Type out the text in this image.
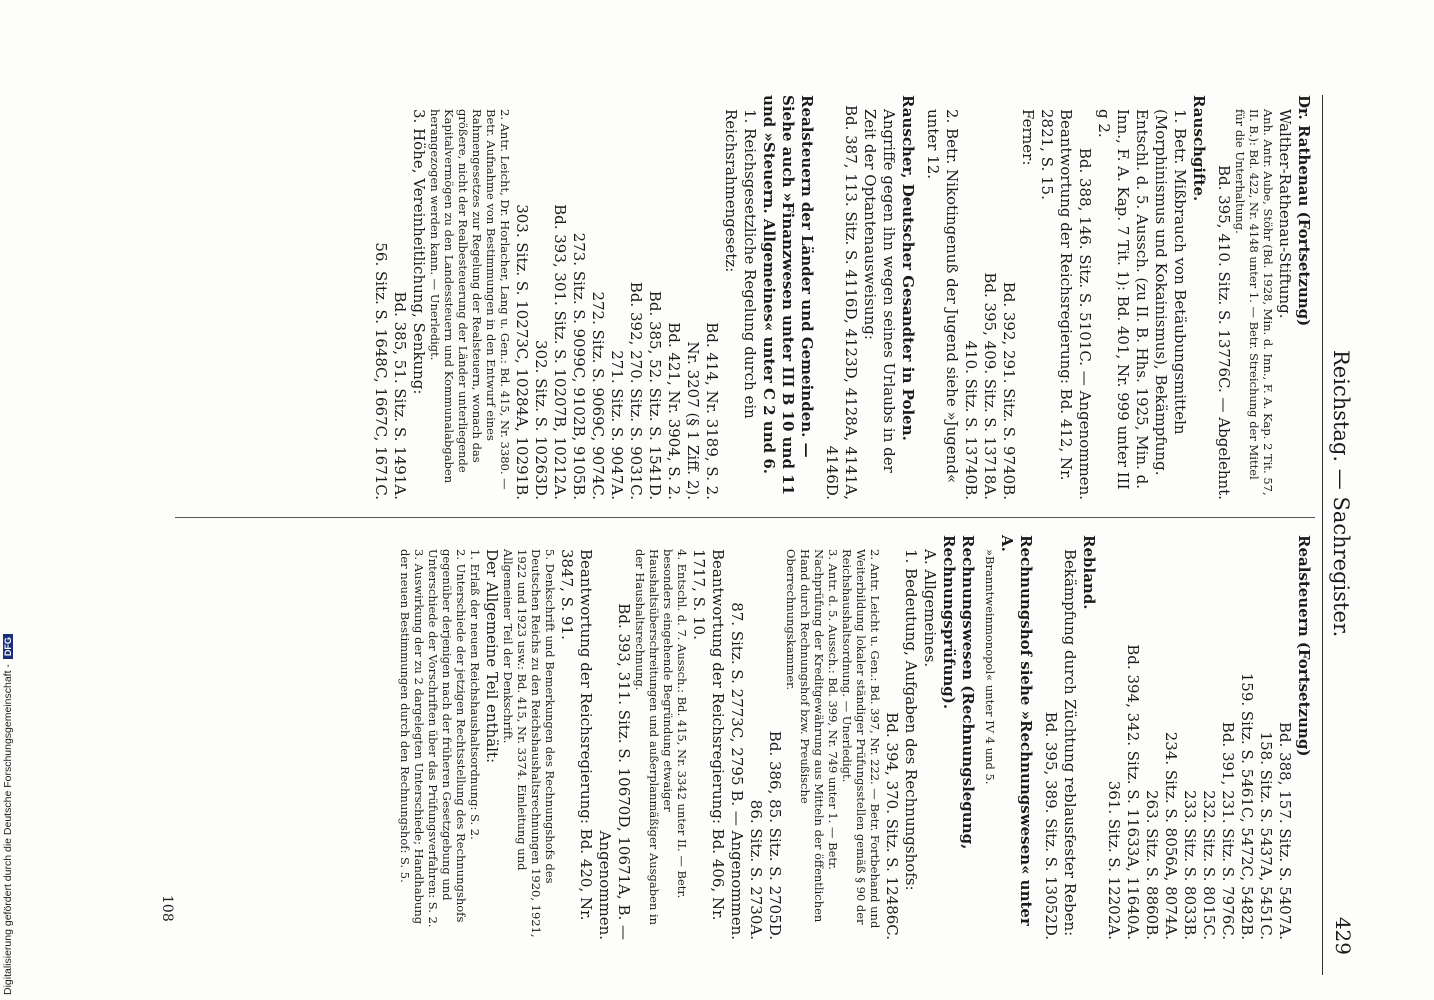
Reichstag. — Sachregister.
429
Dr. Rathenau (Fortsetzung)
Walther-Rathenau-Stiftung.
Anh. Antr. Aube, Stöhr (Bd. 1928, Min. d. Inn., F. A. Kap. 2 Tit. 57, II. B.): Bd. 422, Nr. 4148 unter 1. — Betr. Streichung der Mittel für die Unterhaltung.
Bd. 395, 410. Sitz. S. 13776C. — Abgelehnt.
Rauschgifte.
1. Betr. Mißbrauch von Betäubungsmitteln (Morphinismus und Kokainismus), Bekämpfung.
Entschl. d. 5. Aussch. (zu II. B. Hhs. 1925, Min. d. Inn., F. A. Kap. 7 Tit. 1): Bd. 401, Nr. 999 unter III g 2.
Bd. 388, 146. Sitz. S. 5101C. — Angenommen.
Beantwortung der Reichsregierung: Bd. 412, Nr. 2821, S. 15.
Ferner:
Bd. 392, 291. Sitz. S. 9740B.
Bd. 395, 409. Sitz. S. 13718A.
410. Sitz. S. 13740B.
2. Betr. Nikotingenuß der Jugend siehe »Jugend« unter 12.
Rauscher, Deutscher Gesandter in Polen.
Angriffe gegen ihn wegen seines Urlaubs in der Zeit der Optantenausweisung:
Bd. 387, 113. Sitz. S. 4116D, 4123D, 4128A, 4141A, 4146D.
Realsteuern der Länder und Gemeinden. — Siehe auch »Finanzwesen unter III B 10 und 11 und »Steuern. Allgemeines« unter C 2 und 6.
1. Reichsgesetzliche Regelung durch ein Reichsrahmengesetz:
Bd. 414, Nr. 3189, S. 2.
Nr. 3207 (§ 1 Ziff. 2).
Bd. 421, Nr. 3904, S. 2.
Bd. 385, 52. Sitz. S. 1541D.
Bd. 392, 270. Sitz. S. 9031C.
271. Sitz. S. 9047A.
272. Sitz. S. 9069C, 9074C.
273. Sitz. S. 9099C, 9102B, 9105B.
Bd. 393, 301. Sitz. S. 10207B, 10212A.
302. Sitz. S. 10263D.
303. Sitz. S. 10273C, 10284A, 10291B.
2. Antr. Leicht, Dr. Horlacher, Lang u. Gen.: Bd. 415, Nr. 3380. — Betr. Aufnahme von Bestimmungen in den Entwurf eines Rahmengesetzes zur Regelung der Realsteuern, wonach das größere, nicht der Realbesteuerung der Länder unterliegende Kapitalvermögen zu den Landessteuern und Kommunalabgaben herangezogen werden kann. — Unerledigt.
3. Höhe, Vereinheitlichung, Senkung:
Bd. 385, 51. Sitz. S. 1491A.
56. Sitz. S. 1648C, 1667C, 1671C.
Realsteuern (Fortsetzung)
Bd. 388, 157. Sitz. S. 5407A.
158. Sitz. S. 5437A, 5451C.
159. Sitz. S. 5461C, 5472C, 5482B.
Bd. 391, 231. Sitz. S. 7976C.
232. Sitz. S. 8015C.
233. Sitz. S. 8033B.
234. Sitz. S. 8056A, 8074A.
263. Sitz. S. 8860B.
Bd. 394, 342. Sitz. S. 11633A, 11640A.
361. Sitz. S. 12202A.
Rebland.
Bekämpfung durch Züchtung reblausfester Reben:
Bd. 395, 389. Sitz. S. 13052D.
Rechnungshof siehe »Rechnungswesen« unter A.
»Branntweinmonopol« unter IV 4 und 5.
Rechnungswesen (Rechnungslegung, Rechnungsprüfung).
A. Allgemeines.
1. Bedeutung, Aufgaben des Rechnungshofs:
Bd. 394, 370. Sitz. S. 12486C.
2. Antr. Leicht u. Gen.: Bd. 397, Nr. 222. — Betr. Fortbehand und Weiterbildung lokaler ständiger Prüfungsstellen gemäß § 90 der Reichshaushaltsordnung. — Unerledigt.
3. Antr. d. 5. Aussch.: Bd. 399, Nr. 749 unter 1. — Betr. Nachprüfung der Kreditgewährung aus Mitteln der öffentlichen Hand durch Rechnungshof bzw. Preußische Oberrechnungskammer.
Bd. 386, 85. Sitz. S. 2705D.
86. Sitz. S. 2730A.
87. Sitz. S. 2773C, 2795 B. — Angenommen.
Beantwortung der Reichsregierung: Bd. 406, Nr. 1717, S. 10.
4. Entschl. d. 7. Aussch.: Bd. 415, Nr. 3342 unter II. — Betr. besonders eingehende Begründung etwaiger Haushaltsüberschreitungen und außerplanmäßiger Ausgaben in der Haushaltsrechnung.
Bd. 393, 311. Sitz. S. 10670D, 10671A, B. — Angenommen.
Beantwortung der Reichsregierung: Bd. 420, Nr. 3847, S. 91.
5. Denkschrift und Bemerkungen des Rechnungshofs des Deutschen Reichs zu den Reichshaushaltsrechnungen 1920, 1921, 1922 und 1923 usw.: Bd. 415, Nr. 3374. Einleitung und Allgemeiner Teil der Denkschrift.
Der Allgemeine Teil enthält:
1. Erlaß der neuen Reichshaushaltsordnung: S. 2.
2. Unterschiede der jetzigen Rechtsstellung des Rechnungshofs gegenüber derjenigen nach der früheren Gesetzgebung und Unterschiede der Vorschriften über das Prüfungsverfahren: S. 2.
3. Auswirkung der zu 2 dargelegten Unterschiede; Handhabung der neuen Bestimmungen durch den Rechnungshof: S. 5.
108
Digitalisierung gefördert durch die Deutsche Forschungsgemeinschaft - DFG
